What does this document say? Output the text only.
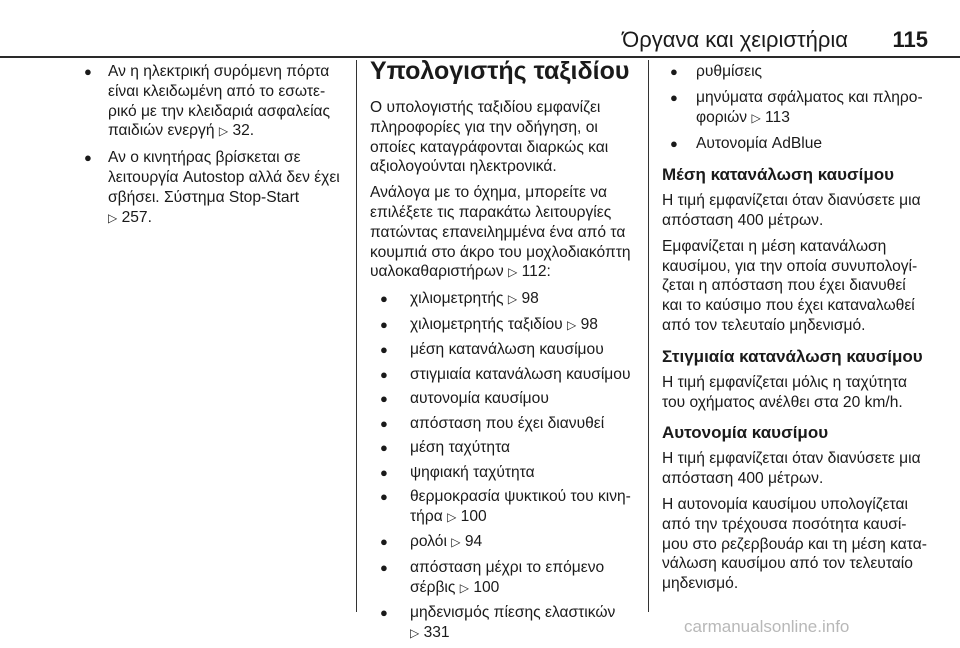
Όργανα και χειριστήρια 115
● Αν η ηλεκτρική συρόμενη πόρτα είναι κλειδωμένη από το εσωτε-ρικό με την κλειδαριά ασφαλείας παιδιών ενεργή ▷ 32.
● Αν ο κινητήρας βρίσκεται σε λειτουργία Autostop αλλά δεν έχει σβήσει. Σύστημα Stop-Start
▷ 257.
Υπολογιστής ταξιδίου

Ο υπολογιστής ταξιδίου εμφανίζει πληροφορίες για την οδήγηση, οι οποίες καταγράφονται διαρκώς και αξιολογούνται ηλεκτρονικά.

Ανάλογα με το όχημα, μπορείτε να επιλέξετε τις παρακάτω λειτουργίες πατώντας επανειλημμένα ένα από τα κουμπιά στο άκρο του μοχλοδιακόπτη υαλοκαθαριστήρων ▷ 112:

● χιλιομετρητής ▷ 98
● χιλιομετρητής ταξιδίου ▷ 98
● μέση κατανάλωση καυσίμου
● στιγμιαία κατανάλωση καυσίμου
● αυτονομία καυσίμου
● απόσταση που έχει διανυθεί
● μέση ταχύτητα
● ψηφιακή ταχύτητα
● θερμοκρασία ψυκτικού του κινη-τήρα ▷ 100
● ρολόι ▷ 94
● απόσταση μέχρι το επόμενο σέρβις ▷ 100
● μηδενισμός πίεσης ελαστικών
▷ 331
● ρυθμίσεις
● μηνύματα σφάλματος και πληρο-φοριών ▷ 113
● Αυτονομία AdBlue
Μέση κατανάλωση καυσίμου

Η τιμή εμφανίζεται όταν διανύσετε μια απόσταση 400 μέτρων.

Εμφανίζεται η μέση κατανάλωση καυσίμου, για την οποία συνυπολογί-ζεται η απόσταση που έχει διανυθεί και το καύσιμο που έχει καταναλωθεί από τον τελευταίο μηδενισμό.

Στιγμιαία κατανάλωση καυσίμου

Η τιμή εμφανίζεται μόλις η ταχύτητα του οχήματος ανέλθει στα 20 km/h.

Αυτονομία καυσίμου

Η τιμή εμφανίζεται όταν διανύσετε μια απόσταση 400 μέτρων.

Η αυτονομία καυσίμου υπολογίζεται από την τρέχουσα ποσότητα καυσί-μου στο ρεζερβουάρ και τη μέση κατα-νάλωση καυσίμου από τον τελευταίο μηδενισμό.

carmanualsonline.info
